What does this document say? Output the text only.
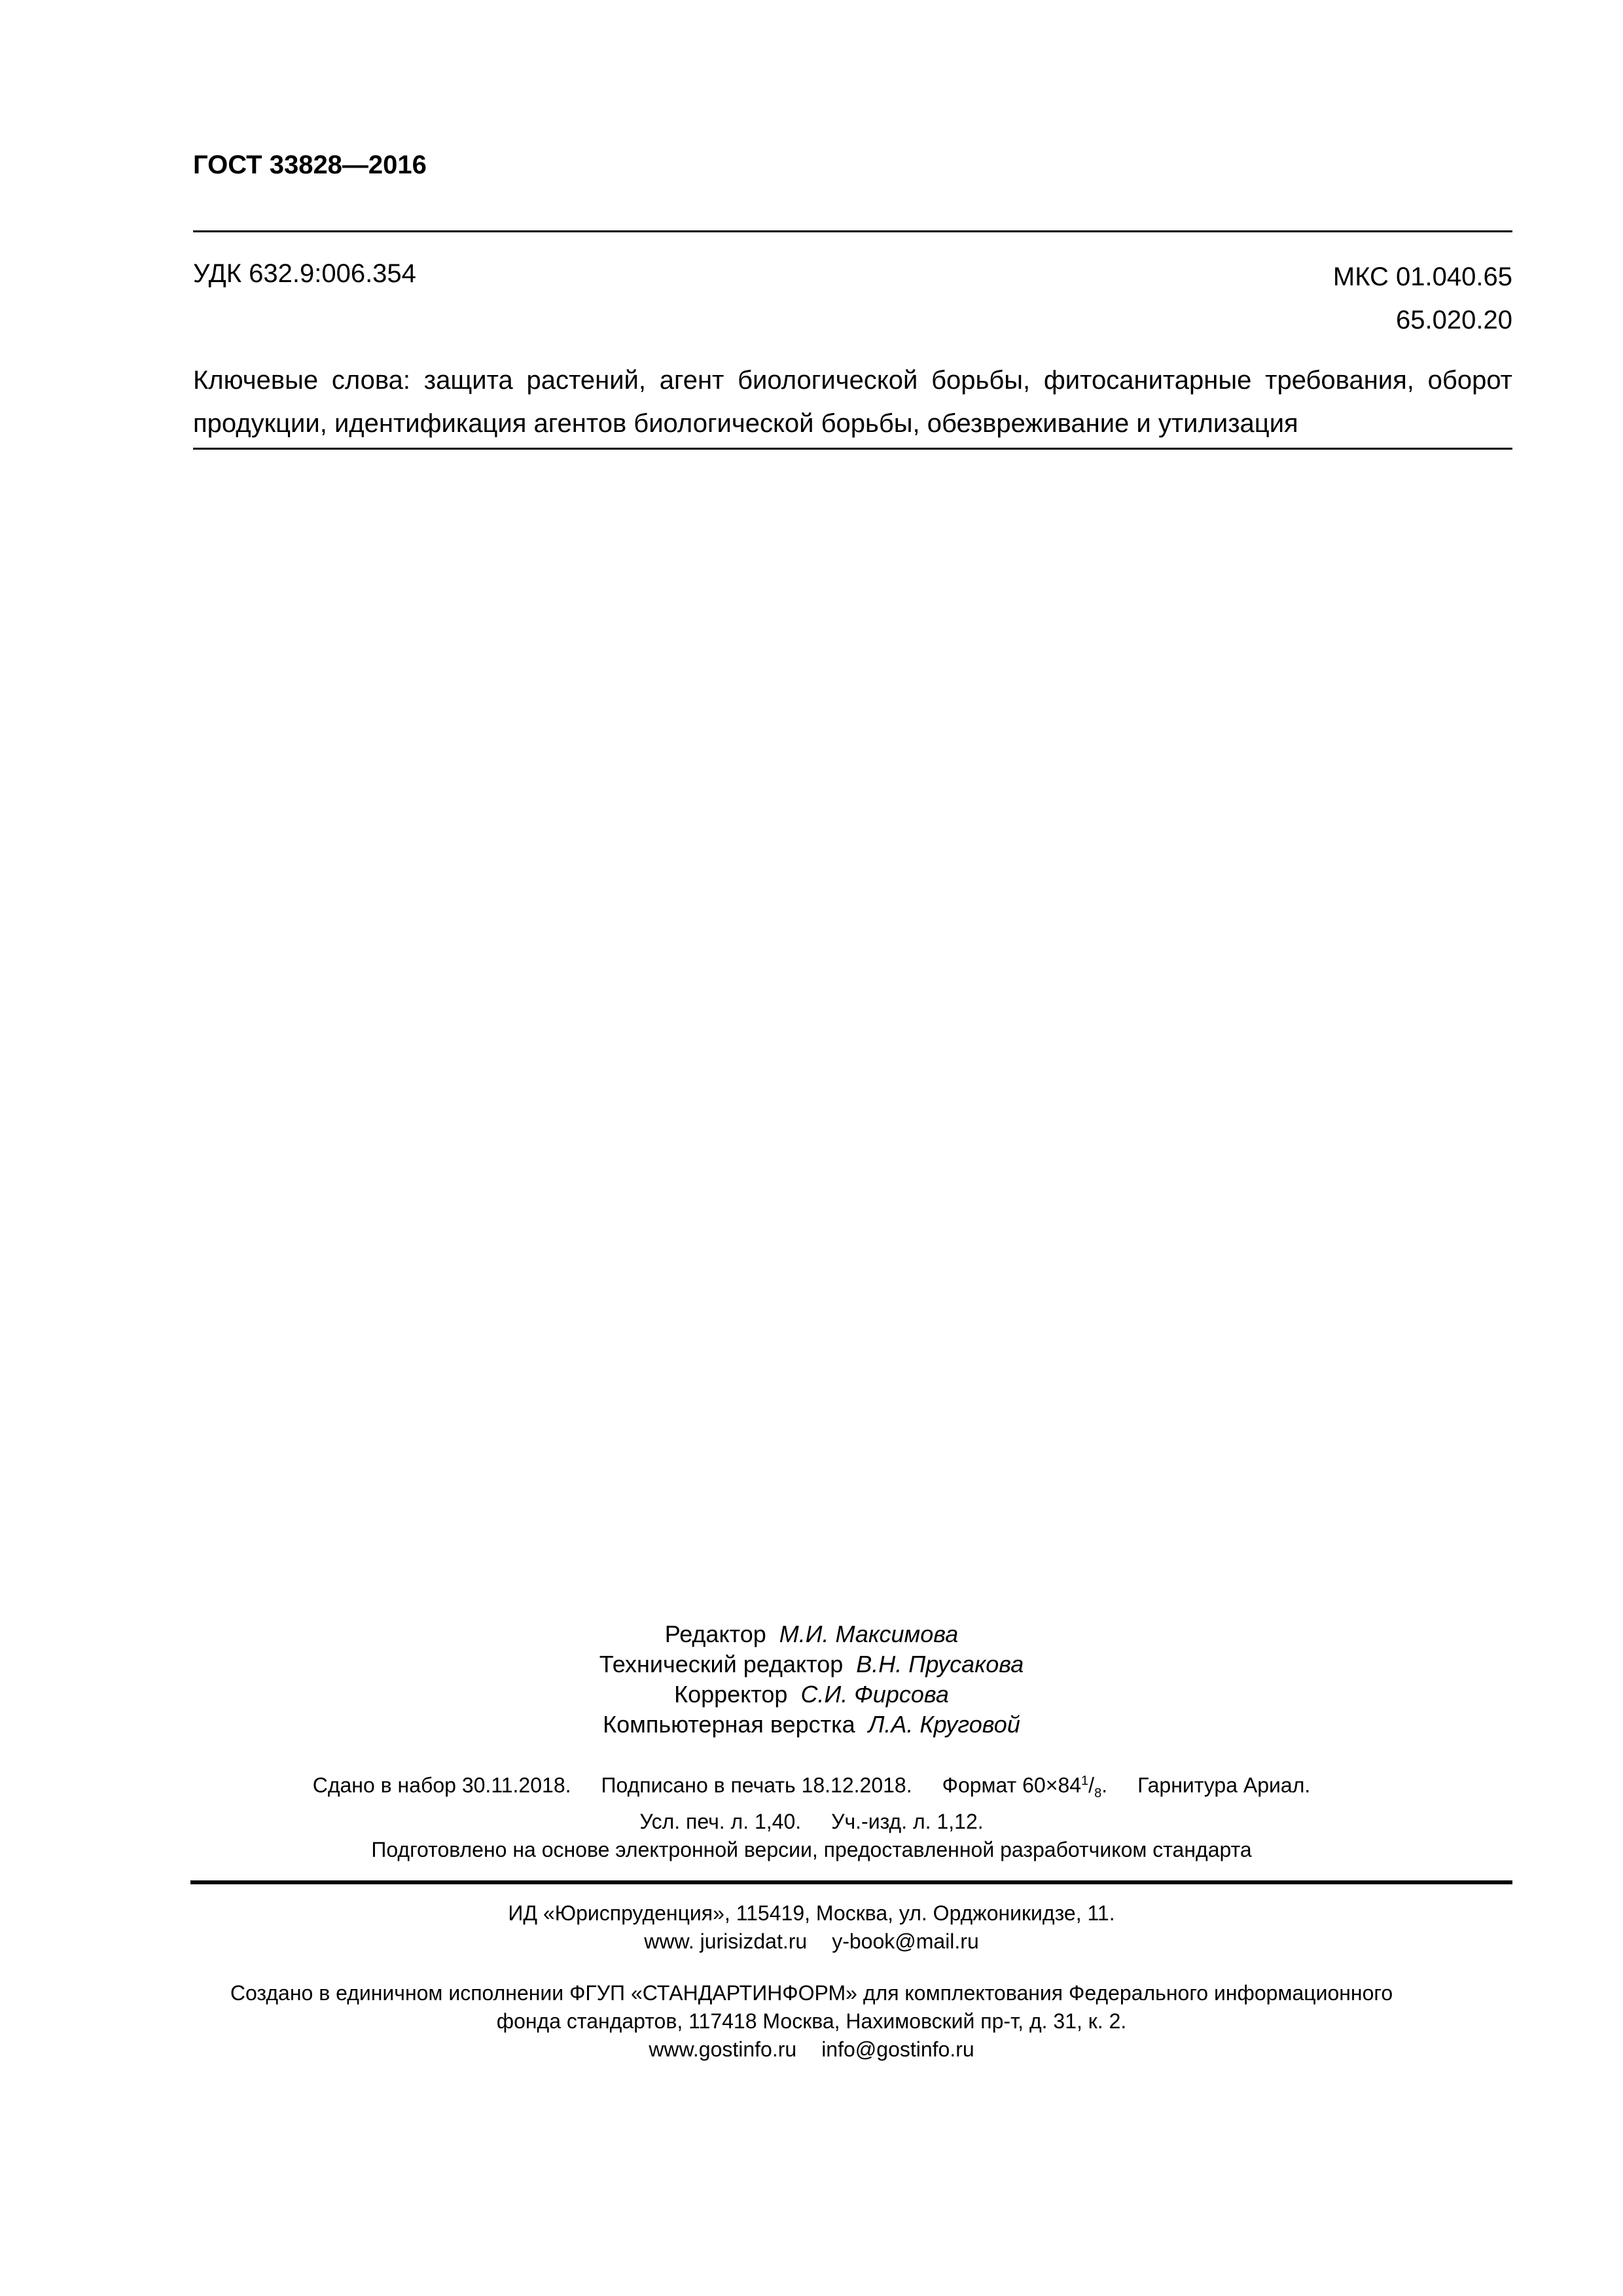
ГОСТ 33828—2016
УДК 632.9:006.354	МКС 01.040.65
65.020.20
Ключевые слова: защита растений, агент биологической борьбы, фитосанитарные требования, оборот продукции, идентификация агентов биологической борьбы, обезвреживание и утилизация
Редактор М.И. Максимова
Технический редактор В.Н. Прусакова
Корректор С.И. Фирсова
Компьютерная верстка Л.А. Круговой
Сдано в набор 30.11.2018. Подписано в печать 18.12.2018. Формат $60\times 84^1/_8$. Гарнитура Ариал.
Усл. печ. л. 1,40. Уч.-изд. л. 1,12.
Подготовлено на основе электронной версии, предоставленной разработчиком стандарта
ИД «Юриспруденция», 115419, Москва, ул. Орджоникидзе, 11.
www. jurisizdat.ru y-book@mail.ru
Создано в единичном исполнении ФГУП «СТАНДАРТИНФОРМ» для комплектования Федерального информационного
фонда стандартов, 117418 Москва, Нахимовский пр-т, д. 31, к. 2.
www.gostinfo.ru info@gostinfo.ru
